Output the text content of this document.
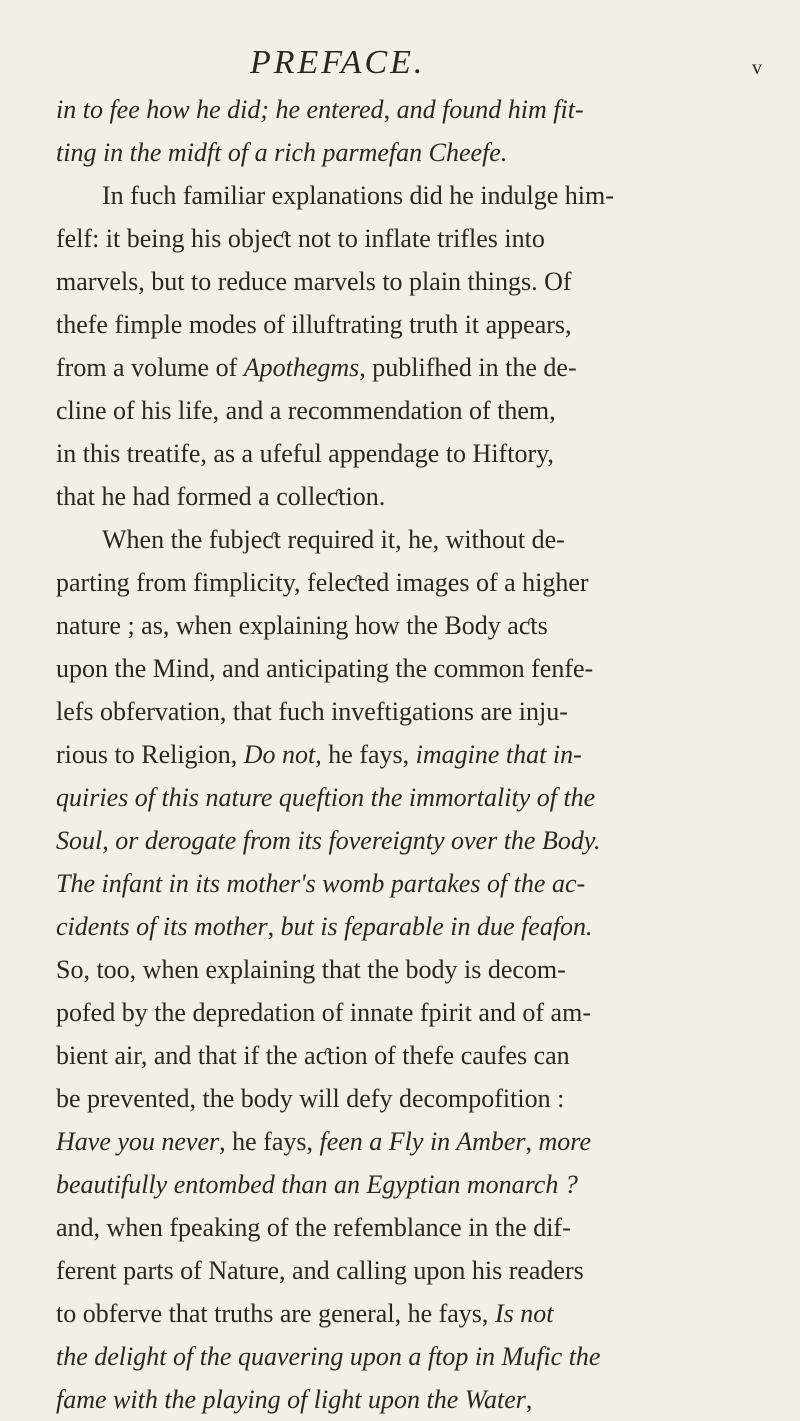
PREFACE.	v
in to fee how he did; he entered, and found him fit-
ting in the midft of a rich parmefan Cheefe.
In fuch familiar explanations did he indulge him-
felf: it being his objeƈt not to inflate trifles into
marvels, but to reduce marvels to plain things. Of
thefe fimple modes of illuftrating truth it appears,
from a volume of Apothegms, publifhed in the de-
cline of his life, and a recommendation of them,
in this treatife, as a ufeful appendage to Hiftory,
that he had formed a colleƈtion.
When the fubjeƈt required it, he, without de-
parting from fimplicity, feleƈted images of a higher
nature ; as, when explaining how the Body aƈts
upon the Mind, and anticipating the common fenfe-
lefs obfervation, that fuch inveftigations are inju-
rious to Religion, Do not, he fays, imagine that in-
quiries of this nature queftion the immortality of the
Soul, or derogate from its fovereignty over the Body.
The infant in its mother's womb partakes of the ac-
cidents of its mother, but is feparable in due feafon.
So, too, when explaining that the body is decom-
pofed by the depredation of innate fpirit and of am-
bient air, and that if the aƈtion of thefe caufes can
be prevented, the body will defy decompofition :
Have you never, he fays, feen a Fly in Amber, more
beautifully entombed than an Egyptian monarch ?
and, when fpeaking of the refemblance in the dif-
ferent parts of Nature, and calling upon his readers
to obferve that truths are general, he fays, Is not
the delight of the quavering upon a ftop in Mufic the
fame with the playing of light upon the Water,
